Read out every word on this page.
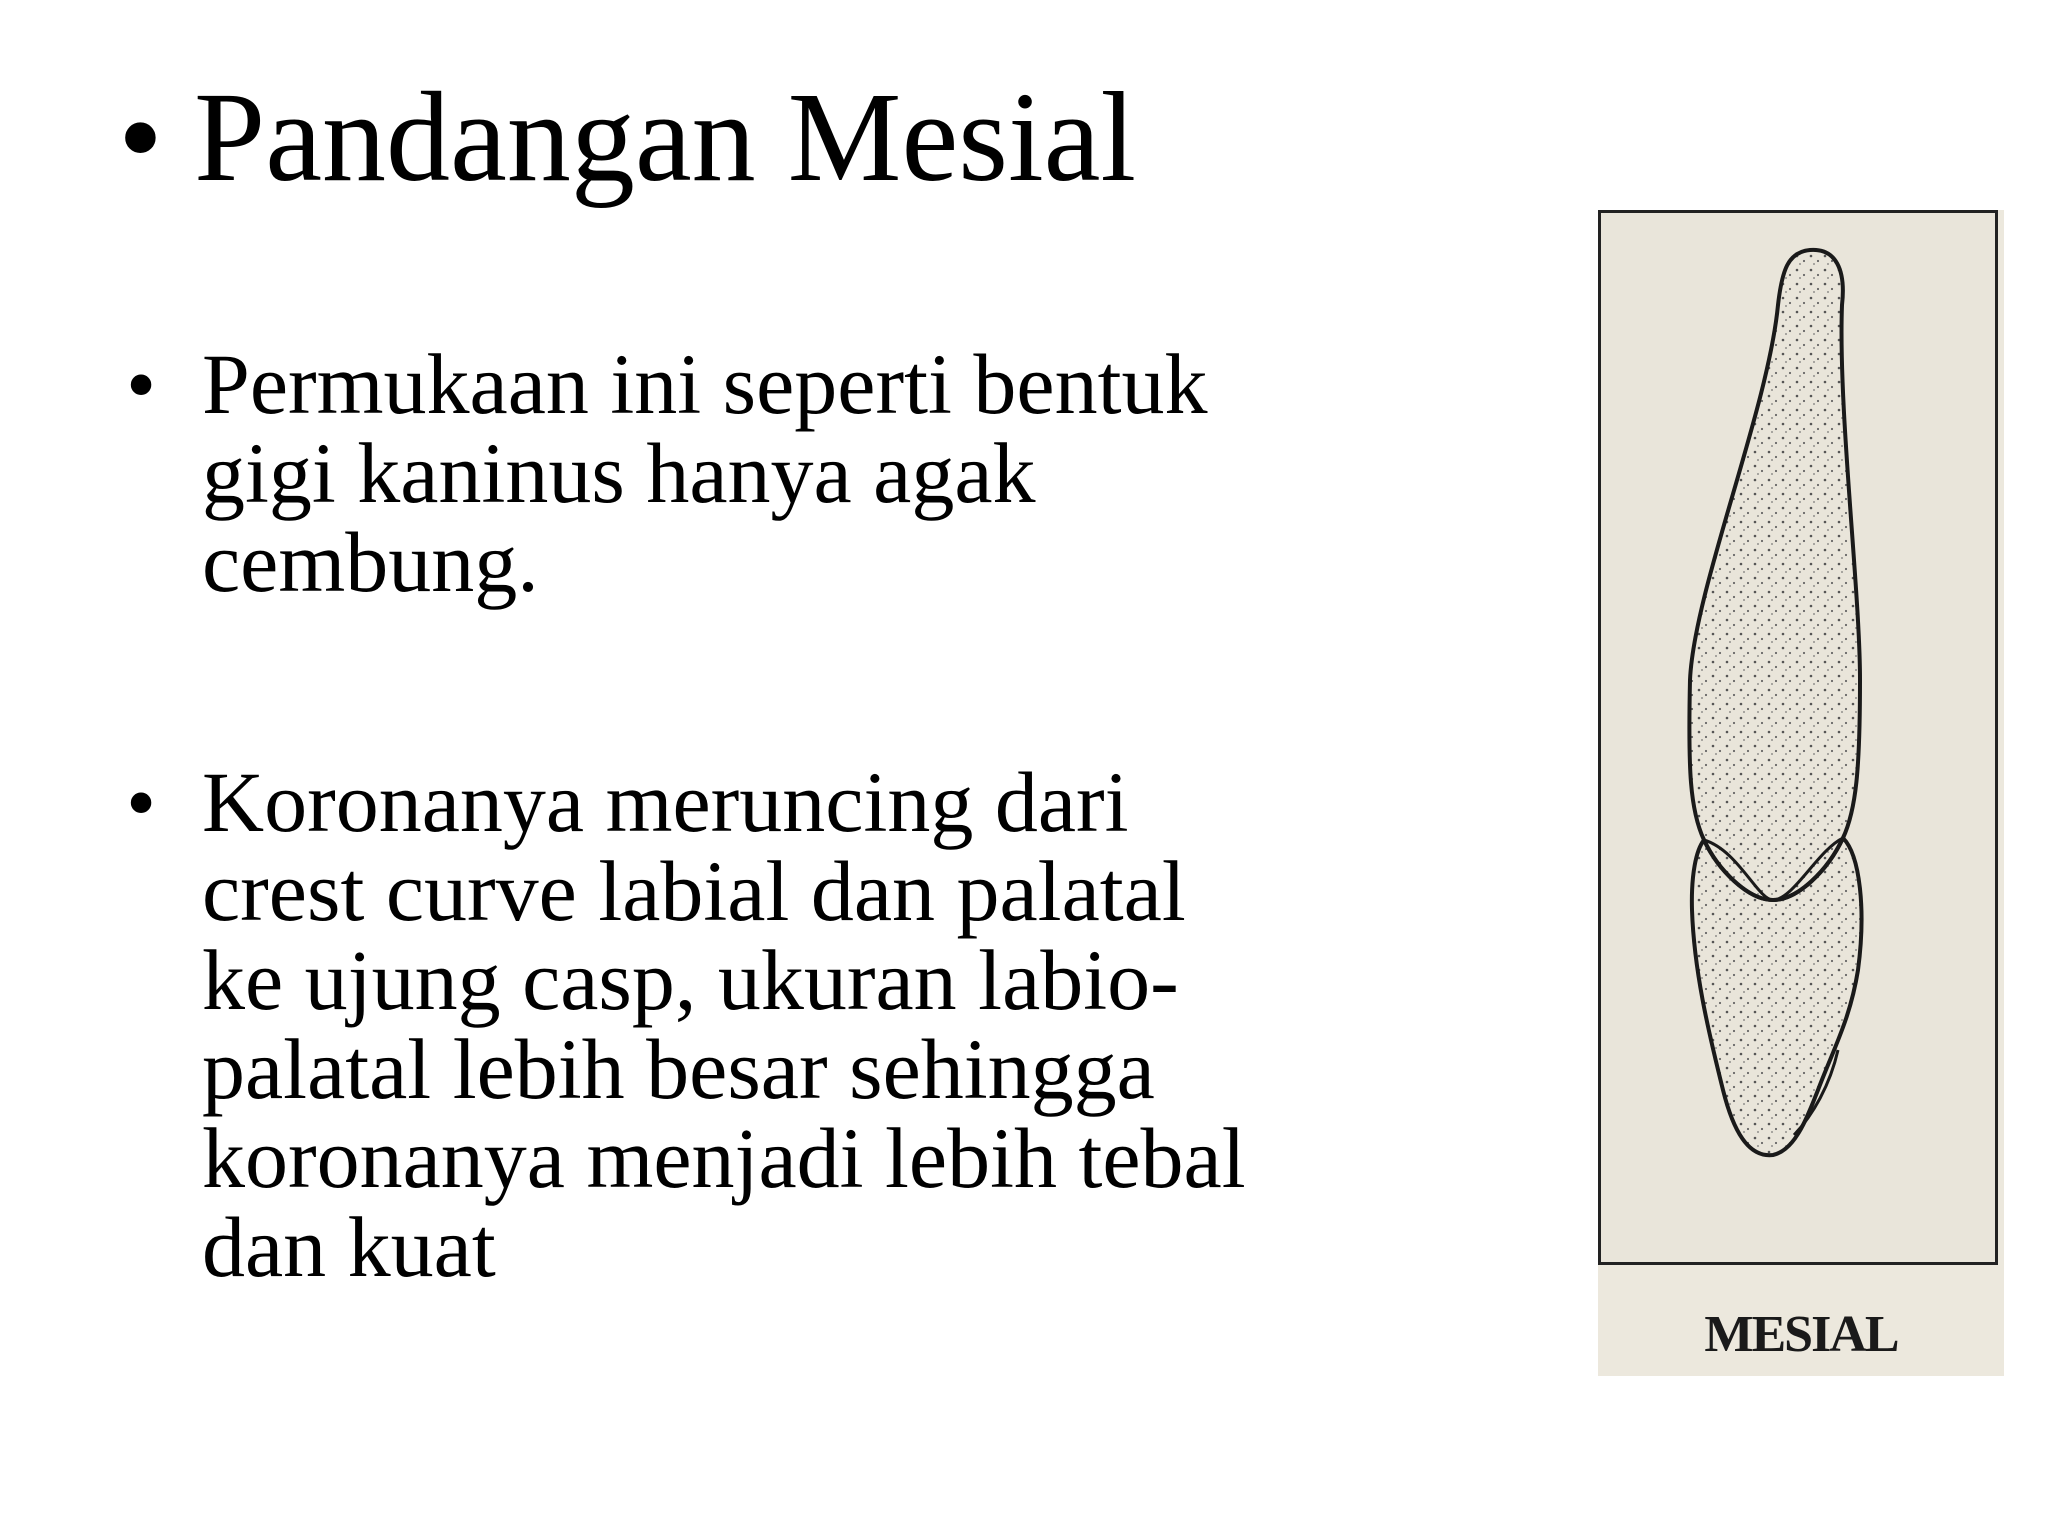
• Pandangan Mesial
• Permukaan ini seperti bentuk
gigi kaninus hanya agak
cembung.
• Koronanya meruncing dari
crest curve labial dan palatal
ke ujung casp, ukuran labio-
palatal lebih besar sehingga
koronanya menjadi lebih tebal
dan kuat
MESIAL
